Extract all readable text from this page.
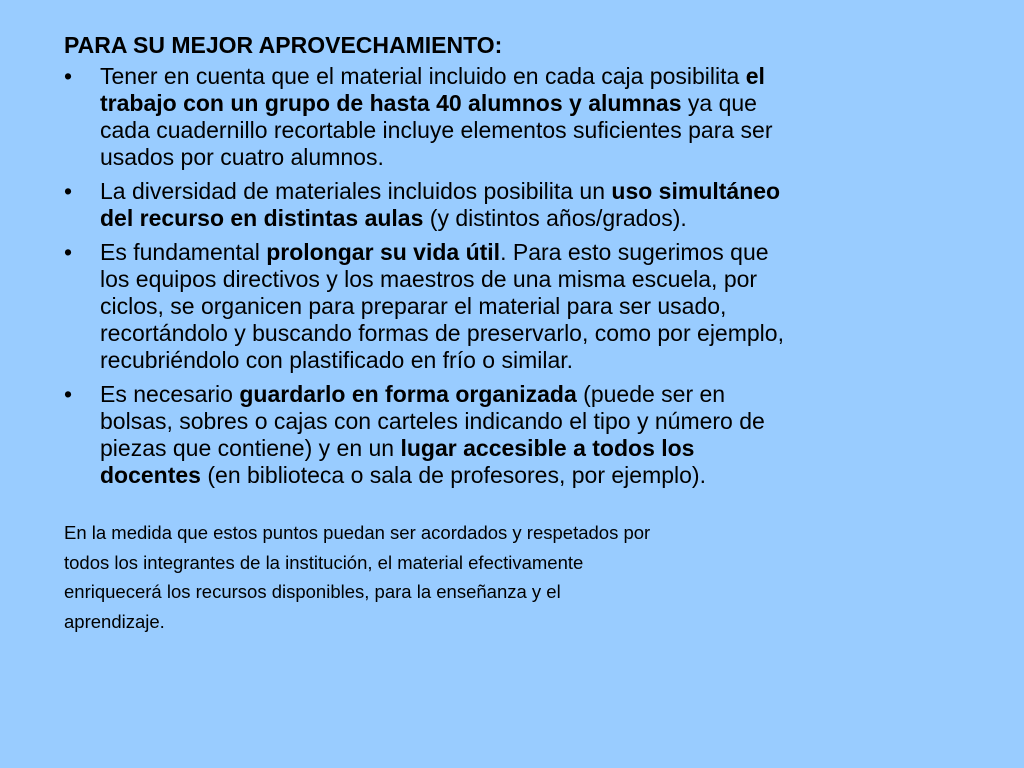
PARA SU MEJOR APROVECHAMIENTO:
•	Tener en cuenta que el material incluido en cada caja posibilita el
trabajo con un grupo de hasta 40 alumnos y alumnas ya que
cada cuadernillo recortable incluye elementos suficientes para ser
usados por cuatro alumnos.
•	La diversidad de materiales incluidos posibilita un uso simultáneo
del recurso en distintas aulas (y distintos años/grados).
•	Es fundamental prolongar su vida útil. Para esto sugerimos que
los equipos directivos y los maestros de una misma escuela, por
ciclos, se organicen para preparar el material para ser usado,
recortándolo y buscando formas de preservarlo, como por ejemplo,
recubriéndolo con plastificado en frío o similar.
•	Es necesario guardarlo en forma organizada (puede ser en
bolsas, sobres o cajas con carteles indicando el tipo y número de
piezas que contiene) y en un lugar accesible a todos los
docentes (en biblioteca o sala de profesores, por ejemplo).
En la medida que estos puntos puedan ser acordados y respetados por
todos los integrantes de la institución, el material efectivamente
enriquecerá los recursos disponibles, para la enseñanza y el
aprendizaje.
